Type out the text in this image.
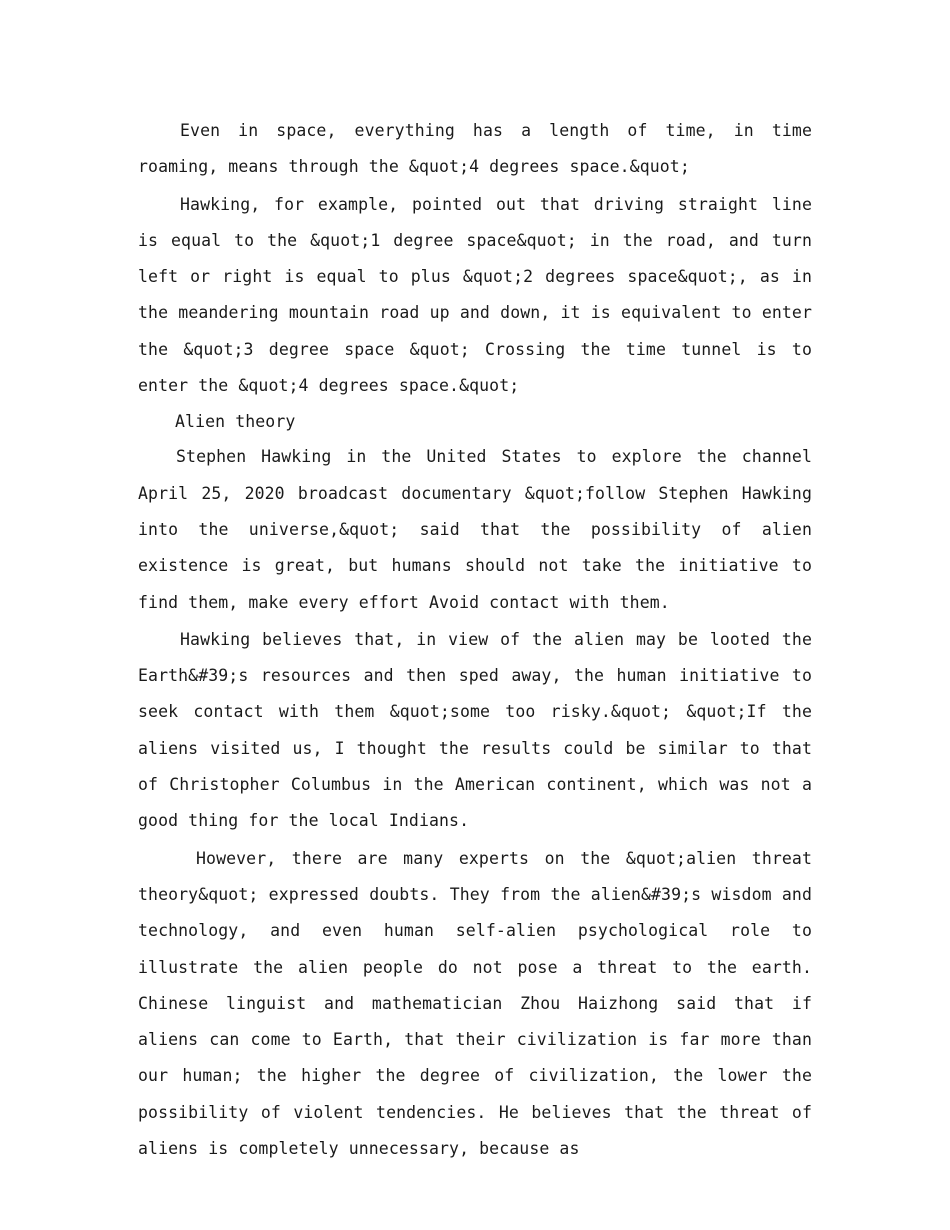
Even in space, everything has a length of time, in time roaming, means through the &quot;4 degrees space.&quot;

Hawking, for example, pointed out that driving straight line is equal to the &quot;1 degree space&quot; in the road, and turn left or right is equal to plus &quot;2 degrees space&quot;, as in the meandering mountain road up and down, it is equivalent to enter the &quot;3 degree space &quot; Crossing the time tunnel is to enter the &quot;4 degrees space.&quot;

Alien theory

Stephen Hawking in the United States to explore the channel April 25, 2020 broadcast documentary &quot;follow Stephen Hawking into the universe,&quot; said that the possibility of alien existence is great, but humans should not take the initiative to find them, make every effort Avoid contact with them.

Hawking believes that, in view of the alien may be looted the Earth&#39;s resources and then sped away, the human initiative to seek contact with them &quot;some too risky.&quot; &quot;If the aliens visited us, I thought the results could be similar to that of Christopher Columbus in the American continent, which was not a good thing for the local Indians.

However, there are many experts on the &quot;alien threat theory&quot; expressed doubts. They from the alien&#39;s wisdom and technology, and even human self-alien psychological role to illustrate the alien people do not pose a threat to the earth. Chinese linguist and mathematician Zhou Haizhong said that if aliens can come to Earth, that their civilization is far more than our human; the higher the degree of civilization, the lower the possibility of violent tendencies. He believes that the threat of aliens is completely unnecessary, because as
